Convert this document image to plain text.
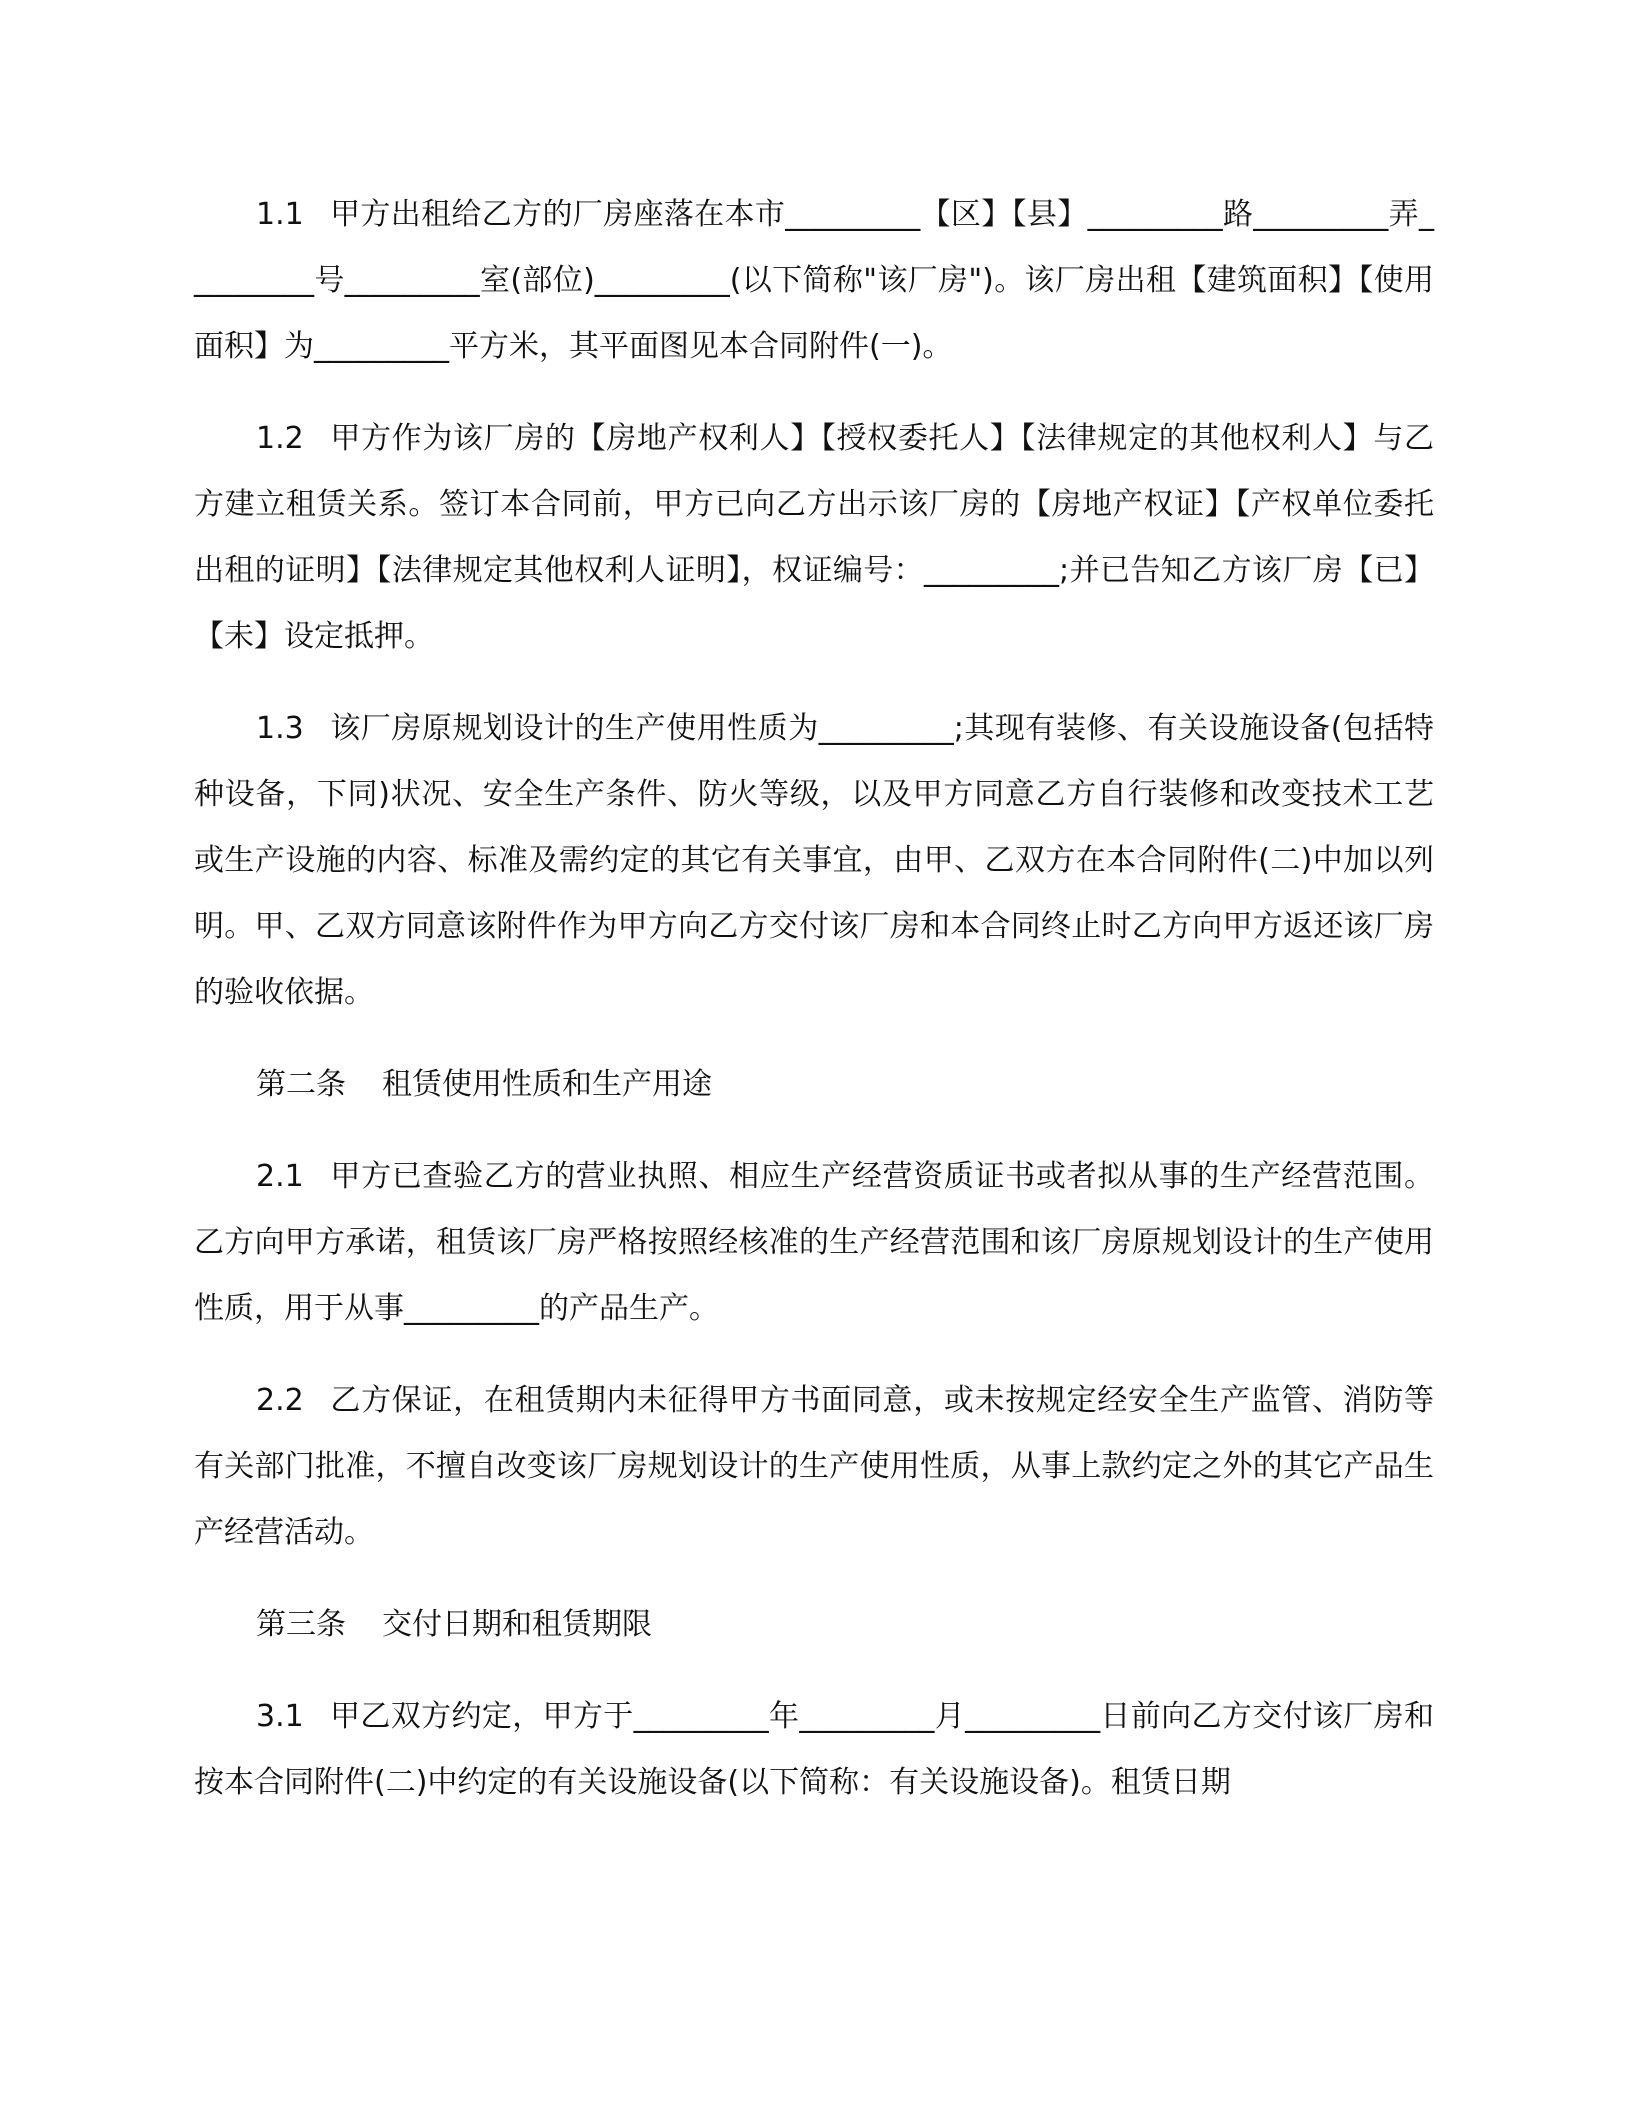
1.1 甲方出租给乙方的厂房座落在本市_________【区】【县】_________路_________弄_________号_________室(部位)_________(以下简称"该厂房")。该厂房出租【建筑面积】【使用面积】为_________平方米，其平面图见本合同附件(一)。

1.2 甲方作为该厂房的【房地产权利人】【授权委托人】【法律规定的其他权利人】与乙方建立租赁关系。签订本合同前，甲方已向乙方出示该厂房的【房地产权证】【产权单位委托出租的证明】【法律规定其他权利人证明】，权证编号：_________;并已告知乙方该厂房【已】【未】设定抵押。

1.3 该厂房原规划设计的生产使用性质为_________;其现有装修、有关设施设备(包括特种设备，下同)状况、安全生产条件、防火等级，以及甲方同意乙方自行装修和改变技术工艺或生产设施的内容、标准及需约定的其它有关事宜，由甲、乙双方在本合同附件(二)中加以列明。甲、乙双方同意该附件作为甲方向乙方交付该厂房和本合同终止时乙方向甲方返还该厂房的验收依据。

第二条 租赁使用性质和生产用途

2.1 甲方已查验乙方的营业执照、相应生产经营资质证书或者拟从事的生产经营范围。乙方向甲方承诺，租赁该厂房严格按照经核准的生产经营范围和该厂房原规划设计的生产使用性质，用于从事_________的产品生产。

2.2 乙方保证，在租赁期内未征得甲方书面同意，或未按规定经安全生产监管、消防等有关部门批准，不擅自改变该厂房规划设计的生产使用性质，从事上款约定之外的其它产品生产经营活动。

第三条 交付日期和租赁期限

3.1 甲乙双方约定，甲方于_________年_________月_________日前向乙方交付该厂房和按本合同附件(二)中约定的有关设施设备(以下简称：有关设施设备)。租赁日期
